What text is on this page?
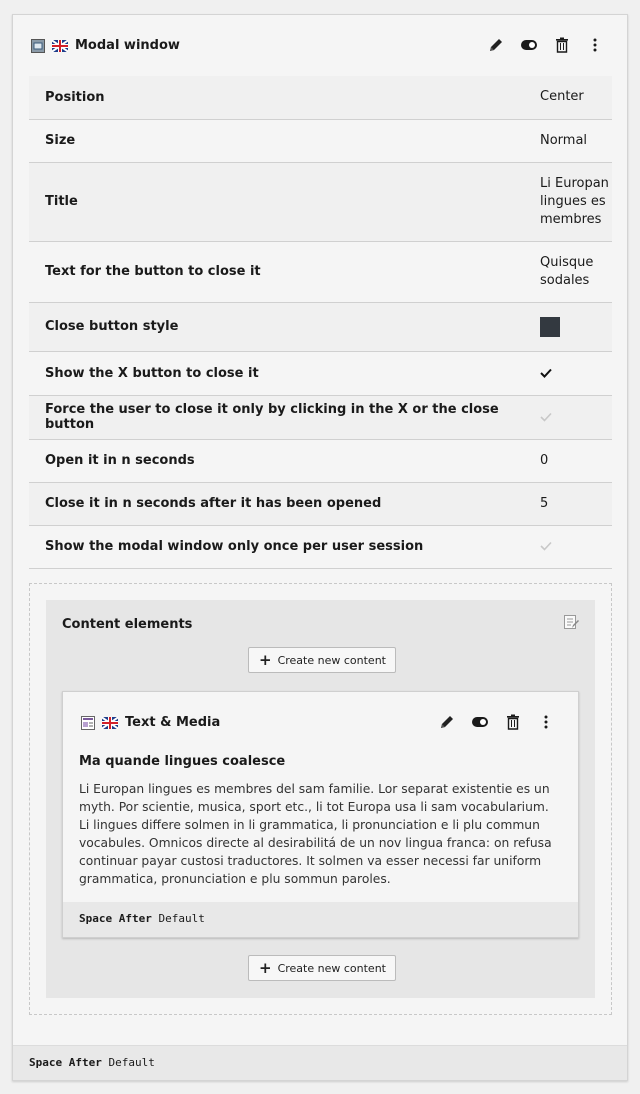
Modal window
Position	Center
Size	Normal
Title	Li Europan lingues es membres
Text for the button to close it	Quisque sodales
Close button style	
Show the X button to close it	
Force the user to close it only by clicking in the X or the close button	
Open it in n seconds	0
Close it in n seconds after it has been opened	5
Show the modal window only once per user session	
Content elements
+ Create new content
Text & Media
Ma quande lingues coalesce
Li Europan lingues es membres del sam familie. Lor separat existentie es un myth. Por scientie, musica, sport etc., li tot Europa usa li sam vocabularium. Li lingues differe solmen in li grammatica, li pronunciation e li plu commun vocabules. Omnicos directe al desirabilitá de un nov lingua franca: on refusa continuar payar custosi traductores. It solmen va esser necessi far uniform grammatica, pronunciation e plu sommun paroles.
Space After Default
+ Create new content
Space After Default
